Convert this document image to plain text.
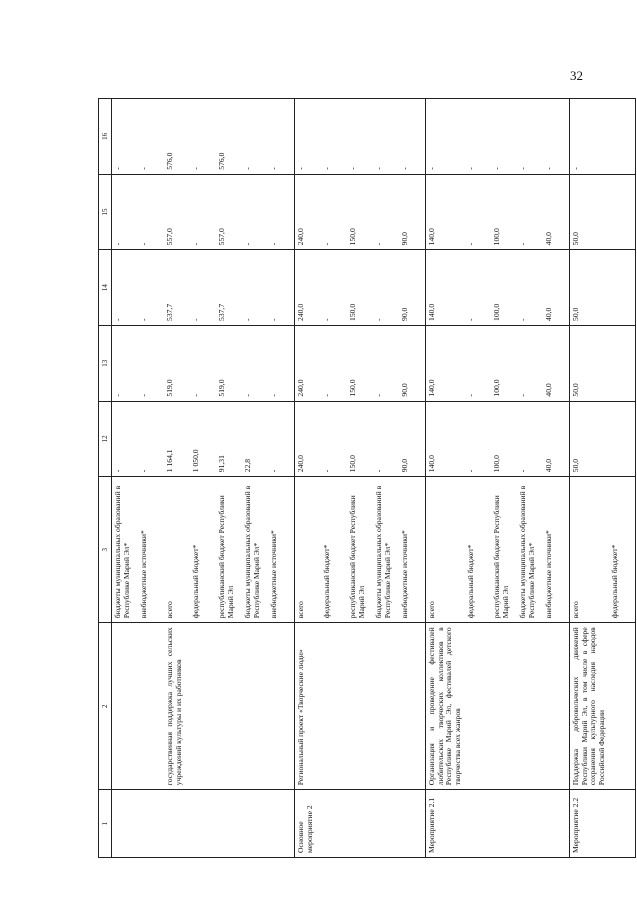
32
1	2	3	12	13	14	15	16
		бюджеты муниципальных образований в Республике Марий Эл*	-	-	-	-	-
		внебюджетные источники*	-	-	-	-	-
	государственная поддержка лучших сельских учреждений культуры и их работников	всего	1 164,1	519,0	537,7	557,0	576,0
		федеральный бюджет*	1 050,0	-	-	-	-
		республиканский бюджет Республики Марий Эл	91,31	519,0	537,7	557,0	576,0
		бюджеты муниципальных образований в Республике Марий Эл*	22,8	-	-	-	-
		внебюджетные источники*	-	-	-	-	-
Основное мероприятие 2	Региональный проект «Творческие люди»	всего	240,0	240,0	240,0	240,0	-
		федеральный бюджет*	-	-	-	-	-
		республиканский бюджет Республики Марий Эл	150,0	150,0	150,0	150,0	-
		бюджеты муниципальных образований в Республике Марий Эл*	-	-	-	-	-
		внебюджетные источники*	90,0	90,0	90,0	90,0	-
Мероприятие 2.1	Организация и проведение фестивалей любительских творческих коллективов в Республике Марий Эл, фестивалей детского творчества всех жанров	всего	140,0	140,0	140,0	140,0	-
		федеральный бюджет*	-	-	-	-	-
		республиканский бюджет Республики Марий Эл	100,0	100,0	100,0	100,0	-
		бюджеты муниципальных образований в Республике Марий Эл*	-	-	-	-	-
		внебюджетные источники*	40,0	40,0	40,0	40,0	-
Мероприятие 2.2	Поддержка добровольческих движений Республики Марий Эл, в том числе в сфере сохранения культурного наследия народов Российской Федерации	всего	50,0	50,0	50,0	50,0	-
		федеральный бюджет*					
